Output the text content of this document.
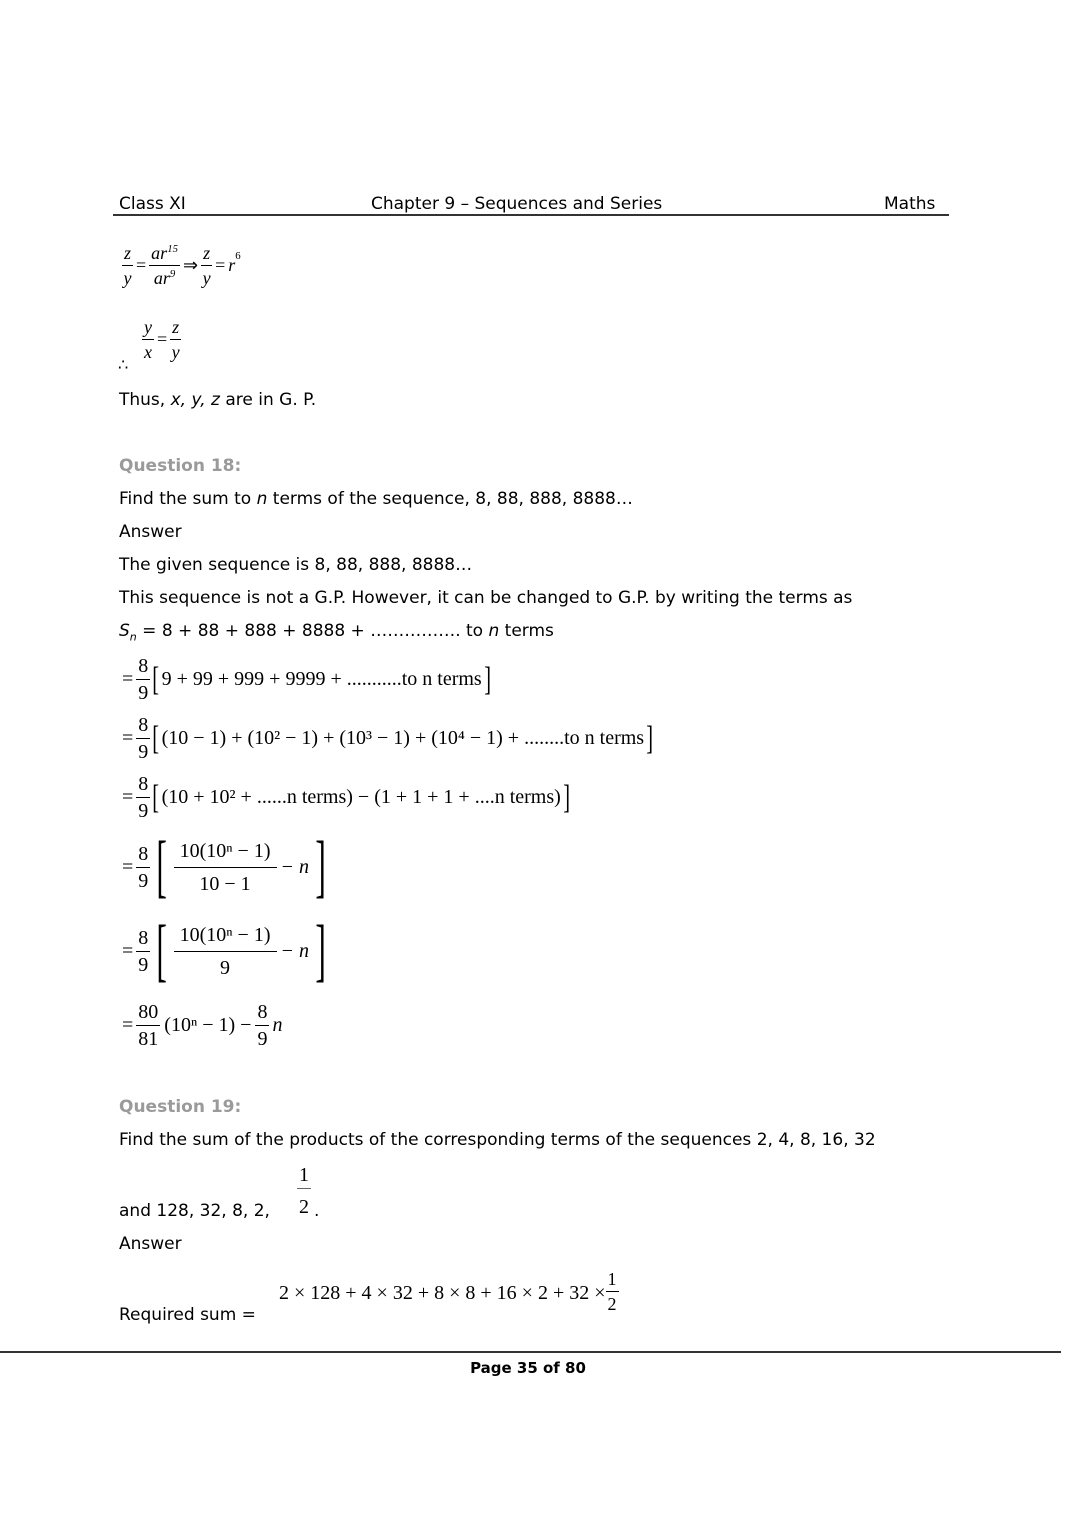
Class XI	Chapter 9 – Sequences and Series	Maths
$\frac{z}{y} = \frac{ar^{15}}{ar^9}$ ⇒ $\frac{z}{y} = r^6$
∴
$\frac{y}{x} = \frac{z}{y}$
Thus, x, y, z are in G. P.
Question 18:
Find the sum to n terms of the sequence, 8, 88, 888, 8888…
Answer
The given sequence is 8, 88, 888, 8888…
This sequence is not a G.P. However, it can be changed to G.P. by writing the terms as
$S_n = 8 + 88 + 888 + 8888$ + ……………. to n terms
= $\frac{8}{9}$ [ 9 + 99 + 999 + 9999 + ...........to n terms ]
= $\frac{8}{9}$ [ (10 − 1) + (10² − 1) + (10³ − 1) + (10⁴ − 1) + ........to n terms ]
= $\frac{8}{9}$ [ (10 + 10² + ......n terms) − (1 + 1 + 1 + ....n terms) ]
= $\frac{8}{9}$ [ $\frac{\text{10(10ⁿ − 1)}}{10 - 1} - n$ ]
= $\frac{8}{9}$ [ $\frac{\text{10(10ⁿ − 1)}}{9} - n$ ]
= $\frac{80}{81} (10^n - 1) - \frac{8}{9}$ n
Question 19:
Find the sum of the products of the corresponding terms of the sequences 2, 4, 8, 16, 32
and 128, 32, 8, 2, $\frac{1}{2}$ .
Answer
Required sum =
$2 \times 128 + 4 \times 32 + 8 \times 8 + 16 \times 2 + 32 \times \frac{1}{2}$
Page 35 of 80
